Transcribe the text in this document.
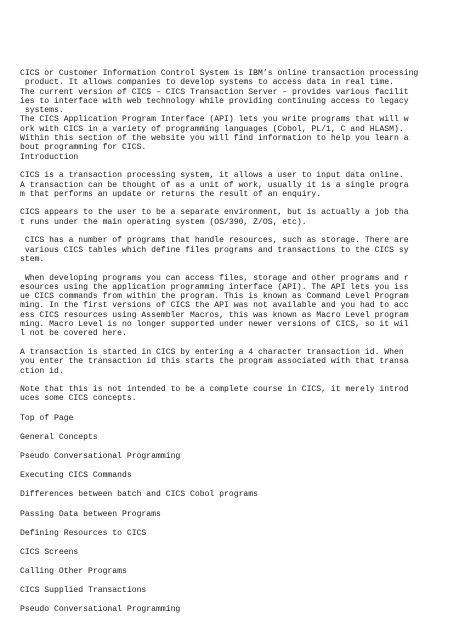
CICS or Customer Information Control System is IBM’s online transaction processing
product. It allows companies to develop systems to access data in real time.
The current version of CICS – CICS Transaction Server – provides various facilit
ies to interface with web technology while providing continuing access to legacy
systems.
The CICS Application Program Interface (API) lets you write programs that will w
ork with CICS in a variety of programming languages (Cobol, PL/1, C and HLASM).
Within this section of the website you will find information to help you learn a
bout programming for CICS.
Introduction
CICS is a transaction processing system, it allows a user to input data online.
A transaction can be thought of as a unit of work, usually it is a single progra
m that performs an update or returns the result of an enquiry.
CICS appears to the user to be a separate environment, but is actually a job tha
t runs under the main operating system (OS/390, Z/OS, etc).
CICS has a number of programs that handle resources, such as storage. There are
various CICS tables which define files programs and transactions to the CICS sy
stem.
When developing programs you can access files, storage and other programs and r
esources using the application programming interface (API). The API lets you iss
ue CICS commands from within the program. This is known as Command Level Program
ming. In the first versions of CICS the API was not available and you had to acc
ess CICS resources using Assembler Macros, this was known as Macro Level program
ming. Macro Level is no longer supported under newer versions of CICS, so it wil
l not be covered here.
A transaction is started in CICS by entering a 4 character transaction id. When
you enter the transaction id this starts the program associated with that transa
ction id.
Note that this is not intended to be a complete course in CICS, it merely introd
uces some CICS concepts.
Top of Page
General Concepts
Pseudo Conversational Programming
Executing CICS Commands
Differences between batch and CICS Cobol programs
Passing Data between Programs
Defining Resources to CICS
CICS Screens
Calling Other Programs
CICS Supplied Transactions
Pseudo Conversational Programming
